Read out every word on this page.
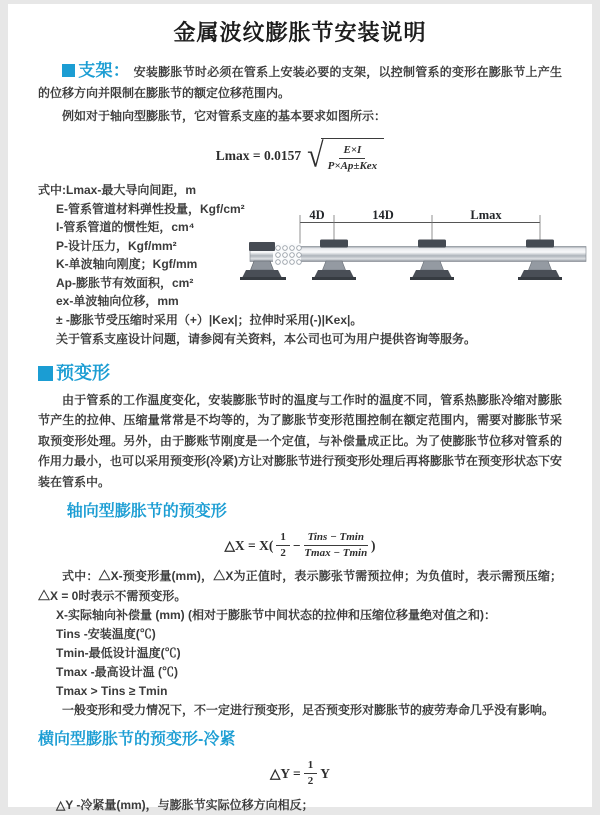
金属波纹膨胀节安装说明

支架： 安装膨胀节时必须在管系上安装必要的支架，以控制管系的变形在膨胀节上产生的位移方向并限制在膨胀节的额定位移范围内。

例如对于轴向型膨胀节，它对管系支座的基本要求如图所示：

Lmax = 0.0157 √ $\frac{E\times I}{\text{P×Ap±Kex}}$
式中:Lmax-最大导向间距，m
E-管系管道材料弹性投量，Kgf/cm²
I-管系管道的惯性矩，cm⁴
P-设计压力，Kgf/mm²
K-单波轴向刚度；Kgf/mm
Ap-膨胀节有效面积，cm²
ex-单波轴向位移，mm
4D	14D	Lmax
± -膨胀节受压缩时采用（+）|Kex|；拉伸时采用(-)|Kex|。
关于管系支座设计问题，请参阅有关资料，本公司也可为用户提供咨询等服务。
预变形

由于管系的工作温度变化，安装膨胀节时的温度与工作时的温度不同，管系热膨胀冷缩对膨胀节产生的拉伸、压缩量常常是不均等的，为了膨胀节变形范围控制在额定范围内，需要对膨胀节采取预变形处理。另外，由于膨账节刚度是一个定值，与补偿量成正比。为了使膨胀节位移对管系的作用力最小，也可以采用预变形(冷紧)方让对膨胀节进行预变形处理后再将膨胀节在预变形状态下安装在管系中。

轴向型膨胀节的预变形
△X = $X( \frac{1}{2} - \frac{\text{Tins − Tmin}}{Tmax - Tmin}$ )

式中：△X-预变形量(mm)，△X为正值时，表示膨张节需预拉伸；为负值时，表示需预压缩；△X = 0时表示不需预变形。

X-实际轴向补偿量 (mm) (相对于膨胀节中间状态的拉伸和压缩位移量绝对值之和)：
Tins -安装温度(℃)
Tmin-最低设计温度(℃)
Tmax -最高设计温 (℃)
Tmax > Tins ≥ Tmin
一般变形和受力情况下，不一定进行预变形，足否预变形对膨胀节的疲劳寿命几乎没有影响。
横向型膨胀节的预变形-冷紧
△Y = $\frac{1}{2}$ Y
△Y -冷紧量(mm)，与膨胀节实际位移方向相反；
